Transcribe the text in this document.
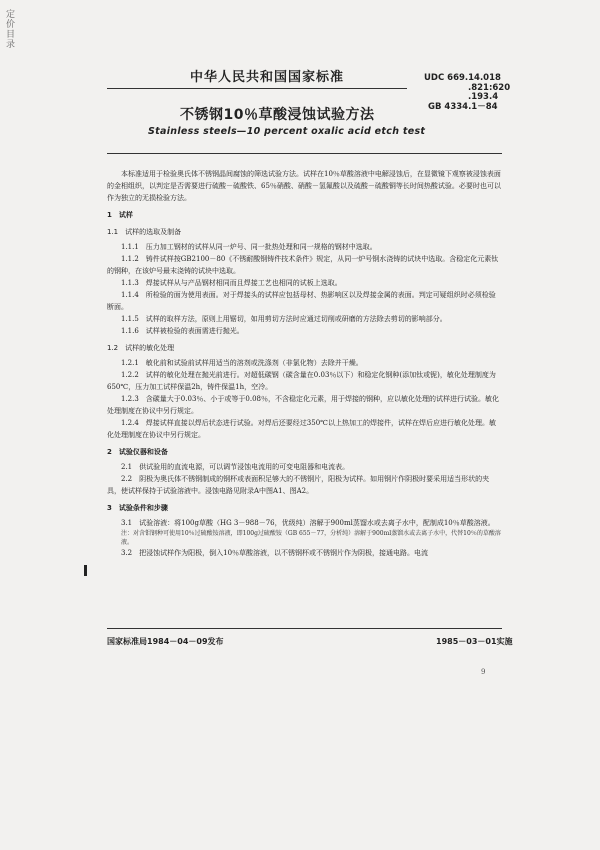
定价目录
中华人民共和国国家标准	UDC 669.14.018
.821:620
.193.4
GB 4334.1－84
不锈钢10％草酸浸蚀试验方法
Stainless steels—10 percent oxalic acid etch test

本标准适用于检验奥氏体不锈钢晶间腐蚀的筛选试验方法。试样在10％草酸溶液中电解浸蚀后，在显微镜下观察被浸蚀表面的金相组织，以判定是否需要进行硫酸－硫酸铁、65％硝酸、硝酸－氢氟酸以及硫酸－硫酸铜等长时间热酸试验。必要时也可以作为独立的无损检验方法。

1　试样

1.1　试样的选取及制备

1.1.1　压力加工钢材的试样从同一炉号、同一批热处理和同一规格的钢材中选取。

1.1.2　铸件试样按GB2100－80《不锈耐酸钢铸件技术条件》规定，从同一炉号钢水浇铸的试块中选取。含稳定化元素钛的钢种，在该炉号最末浇铸的试块中选取。

1.1.3　焊接试样从与产品钢材相同而且焊接工艺也相同的试板上选取。

1.1.4　所检验的面为使用表面。对于焊接头的试样应包括母材、热影响区以及焊接金属的表面。判定可疑组织时必须检验断面。

1.1.5　试样的取样方法，原则上用锯切，如用剪切方法时应通过切削或研磨的方法除去剪切的影响部分。

1.1.6　试样被检验的表面需进行抛光。

1.2　试样的敏化处理

1.2.1　敏化前和试验前试样用适当的溶剂或洗涤剂（非氯化物）去除并干燥。

1.2.2　试样的敏化处理在抛光前进行。对超低碳钢（碳含量在0.03％以下）和稳定化钢种(添加钛或铌)，敏化处理制度为650℃，压力加工试样保温2h，铸件保温1h，空冷。

1.2.3　含碳量大于0.03％、小于或等于0.08％，不含稳定化元素，用于焊接的钢种，应以敏化处理的试样进行试验。敏化处理制度在协议中另行规定。

1.2.4　焊接试样直接以焊后状态进行试验。对焊后还要经过350℃以上热加工的焊接件，试样在焊后应进行敏化处理。敏化处理制度在协议中另行规定。

2　试验仪器和设备

2.1　供试验用的直流电源，可以调节浸蚀电流用的可变电阻器和电流表。

2.2　阴极为奥氏体不锈钢制成的钢杯或表面积足够大的不锈钢片，阳极为试样。如用钢片作阴极时要采用适当形状的夹具，使试样保持于试验溶液中。浸蚀电路见附录A中图A1、图A2。

3　试验条件和步骤

3.1　试验溶液：将100g草酸（HG 3－988－76，优级纯）溶解于900ml蒸馏水或去离子水中，配制成10％草酸溶液。

注：对含钼钢种可使用10％过硫酸铵溶液，即100g过硫酸铵（GB 655－77，分析纯）溶解于900ml蒸馏水或去离子水中，代替10％的草酸溶液。

3.2　把浸蚀试样作为阳极，倒入10％草酸溶液，以不锈钢杯或不锈钢片作为阴极，接通电路。电流

国家标准局1984－04－09发布	1985－03－01实施
9
